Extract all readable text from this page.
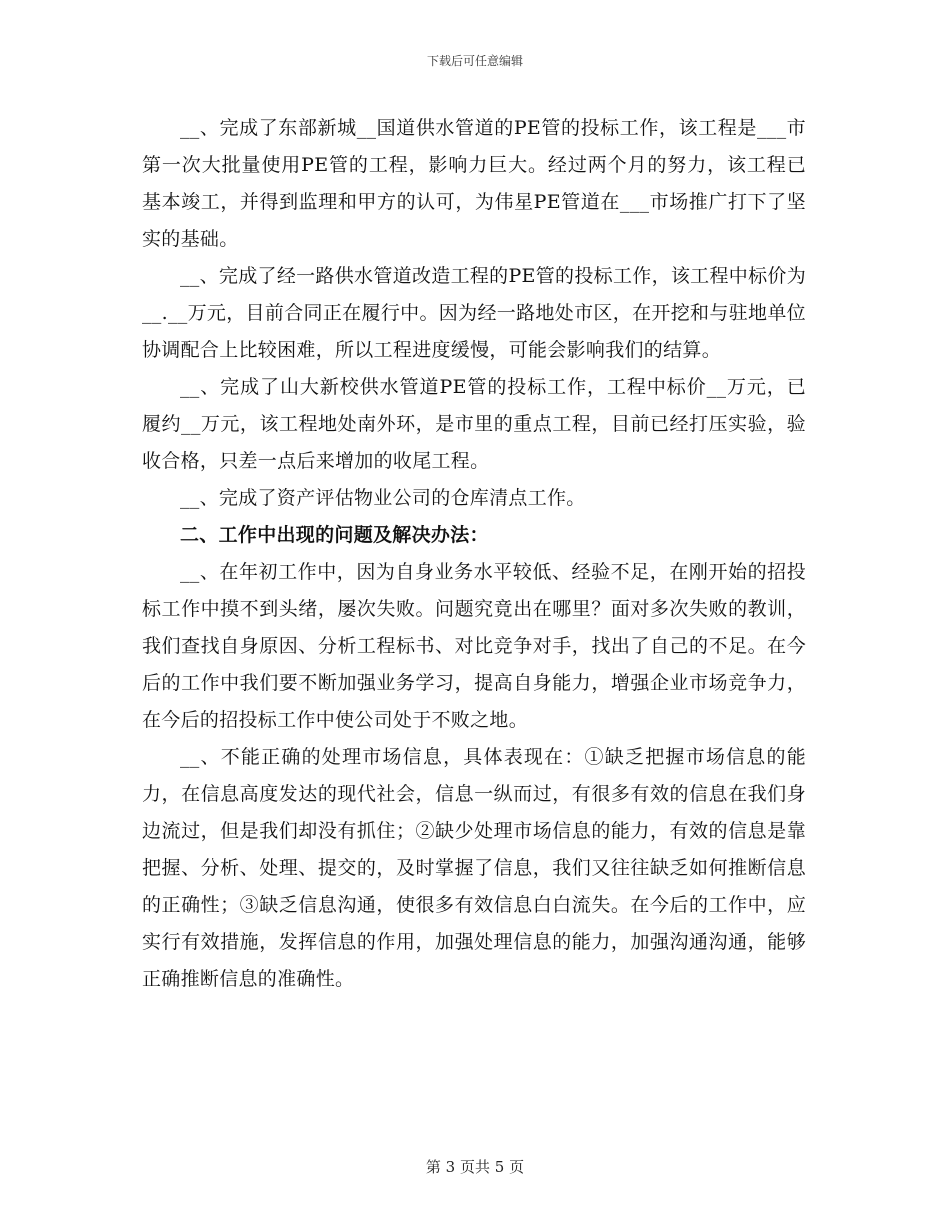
下载后可任意编辑

__、完成了东部新城__国道供水管道的PE管的投标工作，该工程是___市第一次大批量使用PE管的工程，影响力巨大。经过两个月的努力，该工程已基本竣工，并得到监理和甲方的认可，为伟星PE管道在___市场推广打下了坚实的基础。

__、完成了经一路供水管道改造工程的PE管的投标工作，该工程中标价为__.__万元，目前合同正在履行中。因为经一路地处市区，在开挖和与驻地单位协调配合上比较困难，所以工程进度缓慢，可能会影响我们的结算。

__、完成了山大新校供水管道PE管的投标工作，工程中标价__万元，已履约__万元，该工程地处南外环，是市里的重点工程，目前已经打压实验，验收合格，只差一点后来增加的收尾工程。

__、完成了资产评估物业公司的仓库清点工作。

二、工作中出现的问题及解决办法：

__、在年初工作中，因为自身业务水平较低、经验不足，在刚开始的招投标工作中摸不到头绪，屡次失败。问题究竟出在哪里？面对多次失败的教训，我们查找自身原因、分析工程标书、对比竞争对手，找出了自己的不足。在今后的工作中我们要不断加强业务学习，提高自身能力，增强企业市场竞争力，在今后的招投标工作中使公司处于不败之地。

__、不能正确的处理市场信息，具体表现在：①缺乏把握市场信息的能力，在信息高度发达的现代社会，信息一纵而过，有很多有效的信息在我们身边流过，但是我们却没有抓住；②缺少处理市场信息的能力，有效的信息是靠把握、分析、处理、提交的，及时掌握了信息，我们又往往缺乏如何推断信息的正确性；③缺乏信息沟通，使很多有效信息白白流失。在今后的工作中，应实行有效措施，发挥信息的作用，加强处理信息的能力，加强沟通沟通，能够正确推断信息的准确性。

第 3 页共 5 页
